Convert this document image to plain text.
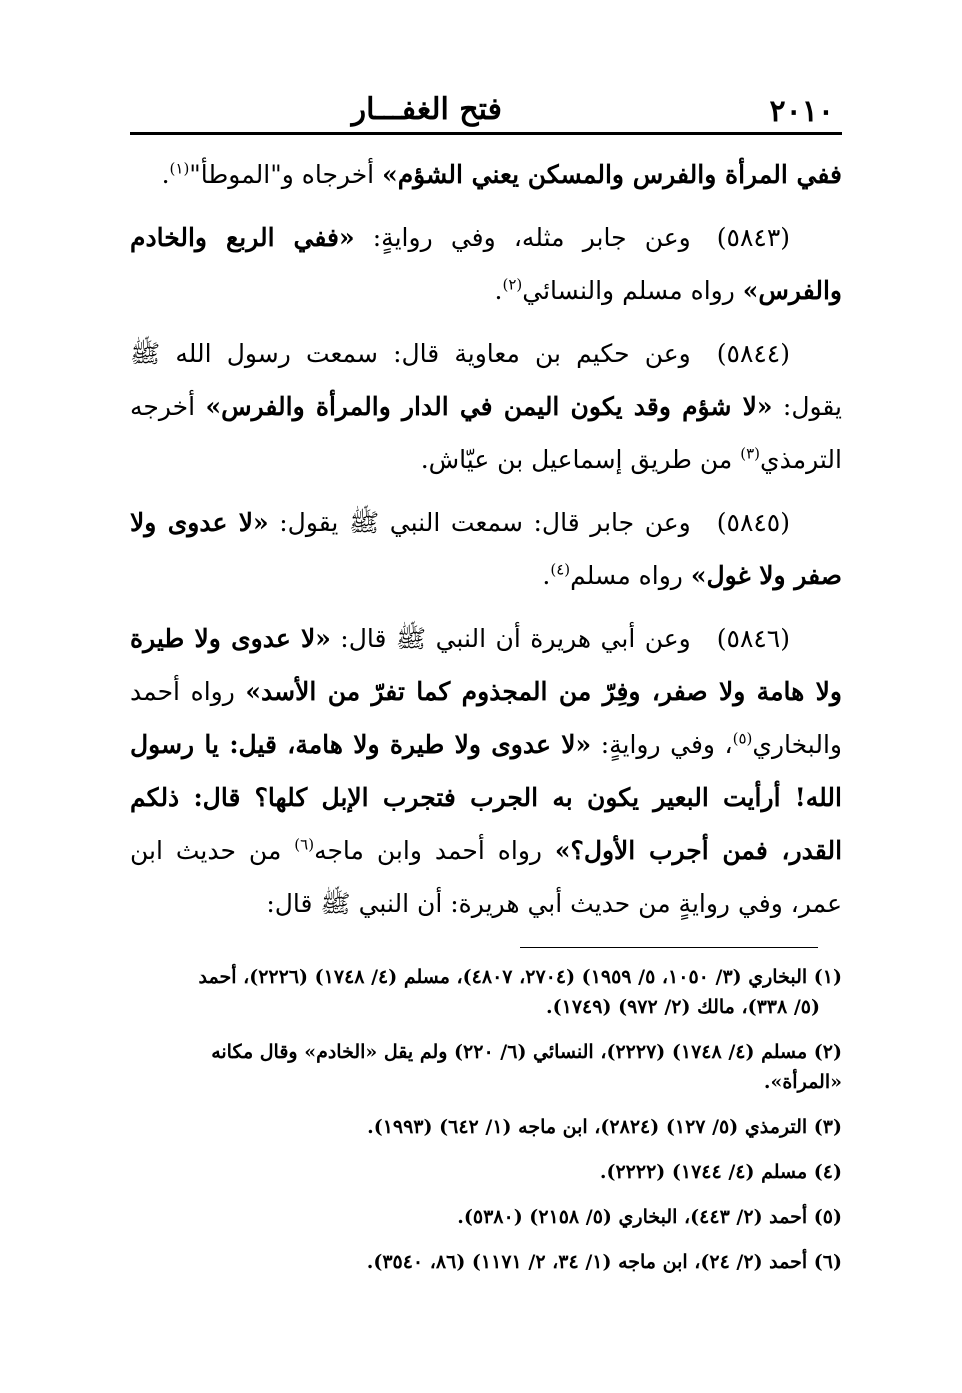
٢٠١٠
فتح الغفـــار

ففي المرأة والفرس والمسكن يعني الشؤم» أخرجاه و"الموطأ"$^{(١)}$.

(٥٨٤٣)وعن جابر مثله، وفي روايةٍ: «ففي الربع والخادم والفرس» رواه مسلم والنسائي$^{(٢)}$.

(٥٨٤٤)وعن حكيم بن معاوية قال: سمعت رسول الله ﷺ يقول: «لا شؤم وقد يكون اليمن في الدار والمرأة والفرس» أخرجه الترمذي$^{(٣)}$ من طريق إسماعيل بن عيّاش.

(٥٨٤٥)وعن جابر قال: سمعت النبي ﷺ يقول: «لا عدوى ولا صفر ولا غول» رواه مسلم$^{(٤)}$.

(٥٨٤٦)وعن أبي هريرة أن النبي ﷺ قال: «لا عدوى ولا طيرة ولا هامة ولا صفر، وفِرّ من المجذوم كما تفرّ من الأسد» رواه أحمد والبخاري$^{(٥)}$، وفي روايةٍ: «لا عدوى ولا طيرة ولا هامة، قيل: يا رسول الله! أرأيت البعير يكون به الجرب فتجرب الإبل كلها؟ قال: ذلكم القدر، فمن أجرب الأول؟» رواه أحمد وابن ماجه$^{(٦)}$ من حديث ابن عمر، وفي روايةٍ من حديث أبي هريرة: أن النبي ﷺ قال:

(١) البخاري (٣/ ١٠٥٠، ٥/ ١٩٥٩) (٢٧٠٤، ٤٨٠٧)، مسلم (٤/ ١٧٤٨) (٢٢٢٦)، أحمد

(٥/ ٣٣٨)، مالك (٢/ ٩٧٢) (١٧٤٩).

(٢) مسلم (٤/ ١٧٤٨) (٢٢٢٧)، النسائي (٦/ ٢٢٠) ولم يقل «الخادم» وقال مكانه «المرأة».

(٣) الترمذي (٥/ ١٢٧) (٢٨٢٤)، ابن ماجه (١/ ٦٤٢) (١٩٩٣).

(٤) مسلم (٤/ ١٧٤٤) (٢٢٢٢).

(٥) أحمد (٢/ ٤٤٣)، البخاري (٥/ ٢١٥٨) (٥٣٨٠).

(٦) أحمد (٢/ ٢٤)، ابن ماجه (١/ ٣٤، ٢/ ١١٧١) (٨٦، ٣٥٤٠).
